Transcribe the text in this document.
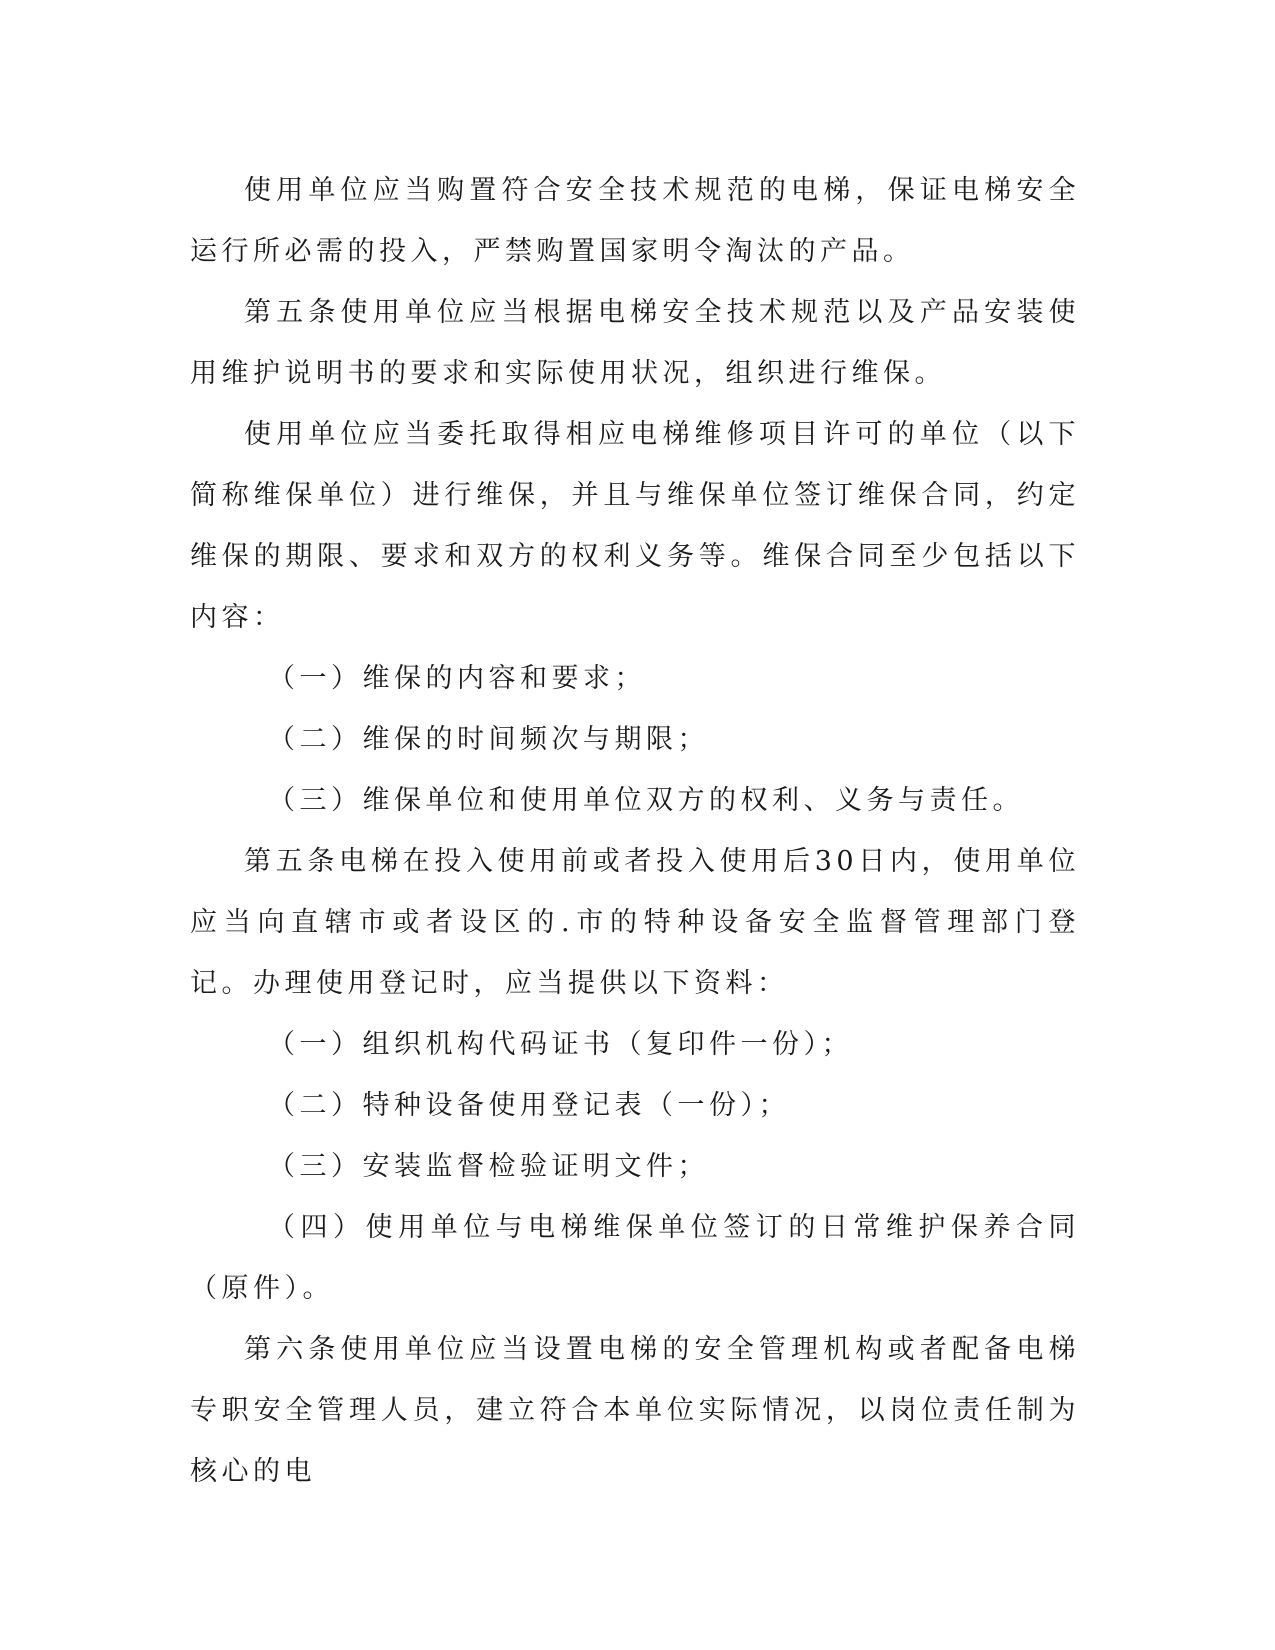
使用单位应当购置符合安全技术规范的电梯，保证电梯安全运行所必需的投入，严禁购置国家明令淘汰的产品。

第五条使用单位应当根据电梯安全技术规范以及产品安装使用维护说明书的要求和实际使用状况，组织进行维保。

使用单位应当委托取得相应电梯维修项目许可的单位（以下简称维保单位）进行维保，并且与维保单位签订维保合同，约定维保的期限、要求和双方的权利义务等。维保合同至少包括以下内容：

（一）维保的内容和要求；

（二）维保的时间频次与期限；

（三）维保单位和使用单位双方的权利、义务与责任。

第五条电梯在投入使用前或者投入使用后30日内，使用单位应当向直辖市或者设区的.市的特种设备安全监督管理部门登记。办理使用登记时，应当提供以下资料：

（一）组织机构代码证书（复印件一份）；

（二）特种设备使用登记表（一份）；

（三）安装监督检验证明文件；

（四）使用单位与电梯维保单位签订的日常维护保养合同（原件）。

第六条使用单位应当设置电梯的安全管理机构或者配备电梯专职安全管理人员，建立符合本单位实际情况，以岗位责任制为核心的电
